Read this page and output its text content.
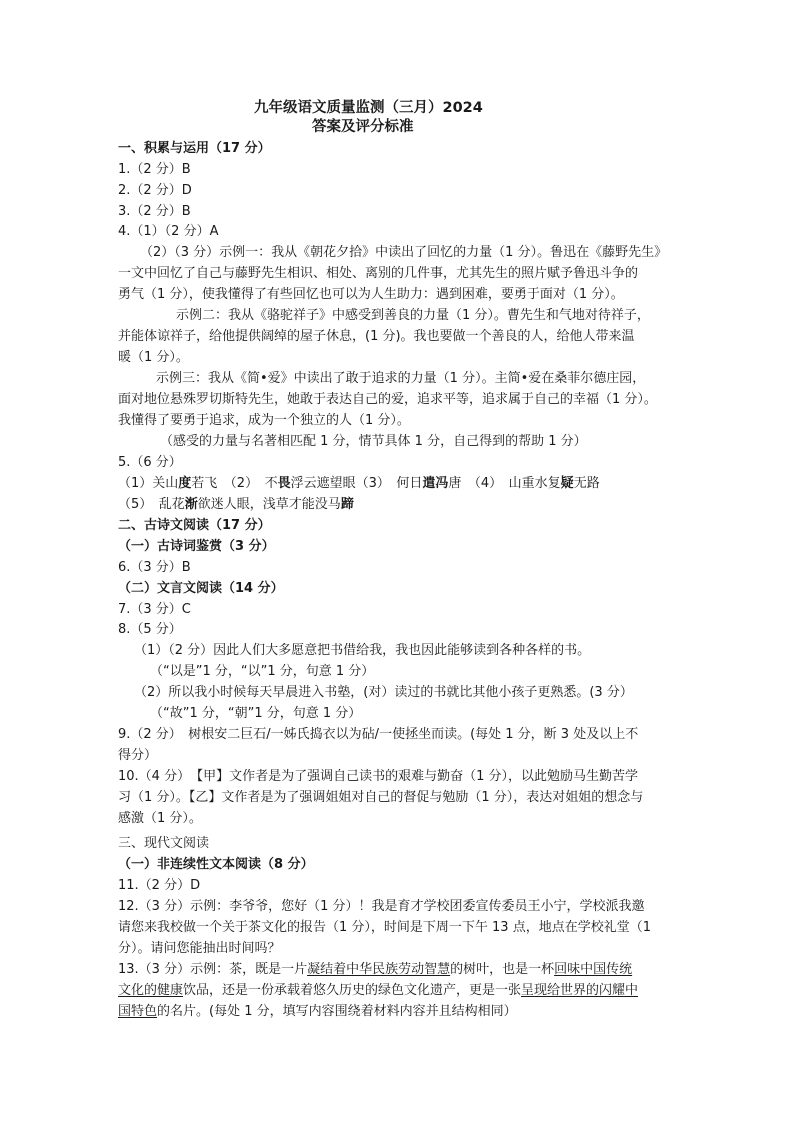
九年级语文质量监测（三月）2024
答案及评分标准
一、积累与运用（17 分）
1.（2 分）B
2.（2 分）D
3.（2 分）B
4.（1）（2 分）A
（2）（3 分）示例一：我从《朝花夕拾》中读出了回忆的力量（1 分）。鲁迅在《藤野先生》
一文中回忆了自己与藤野先生相识、相处、离别的几件事，尤其先生的照片赋予鲁迅斗争的
勇气（1 分），使我懂得了有些回忆也可以为人生助力：遇到困难，要勇于面对（1 分）。
示例二：我从《骆驼祥子》中感受到善良的力量（1 分）。曹先生和气地对待祥子，
并能体谅祥子，给他提供阔绰的屋子休息，(1 分)。我也要做一个善良的人，给他人带来温
暖（1 分）。
示例三：我从《简•爱》中读出了敢于追求的力量（1 分）。主简•爱在桑菲尔德庄园，
面对地位悬殊罗切斯特先生，她敢于表达自己的爱，追求平等，追求属于自己的幸福（1 分）。
我懂得了要勇于追求，成为一个独立的人（1 分）。
（感受的力量与名著相匹配 1 分，情节具体 1 分，自己得到的帮助 1 分）
5.（6 分）
（1）关山度若飞　（2）　不畏浮云遮望眼（3）　何日遣冯唐　（4）　山重水复疑无路
（5）　乱花渐欲迷人眼，浅草才能没马蹄
二、古诗文阅读（17 分）
（一）古诗词鉴赏（3 分）
6.（3 分）B
（二）文言文阅读（14 分）
7.（3 分）C
8.（5 分）
（1）（2 分）因此人们大多愿意把书借给我，我也因此能够读到各种各样的书。
（“以是”1 分，“以”1 分，句意 1 分）
（2）所以我小时候每天早晨进入书塾，(对）读过的书就比其他小孩子更熟悉。(3 分）
（“故”1 分，“朝”1 分，句意 1 分）
9.（2 分）　树根安二巨石/一姊氏捣衣以为砧/一使拯坐而读。(每处 1 分，断 3 处及以上不
得分）
10.（4 分）　【甲】文作者是为了强调自己读书的艰难与勤奋（1 分），以此勉励马生勤苦学
习（1 分）。【乙】文作者是为了强调姐姐对自己的督促与勉励（1 分），表达对姐姐的想念与
感激（1 分）。
三、现代文阅读
（一）非连续性文本阅读（8 分）
11.（2 分）D
12.（3 分）示例：李爷爷，您好（1 分）！我是育才学校团委宣传委员王小宁，学校派我邀
请您来我校做一个关于茶文化的报告（1 分），时间是下周一下午 13 点，地点在学校礼堂（1
分）。请问您能抽出时间吗？
13.（3 分）示例：茶，既是一片凝结着中华民族劳动智慧的树叶，也是一杯回味中国传统
文化的健康饮品，还是一份承载着悠久历史的绿色文化遗产，更是一张呈现给世界的闪耀中
国特色的名片。(每处 1 分，填写内容围绕着材料内容并且结构相同）
